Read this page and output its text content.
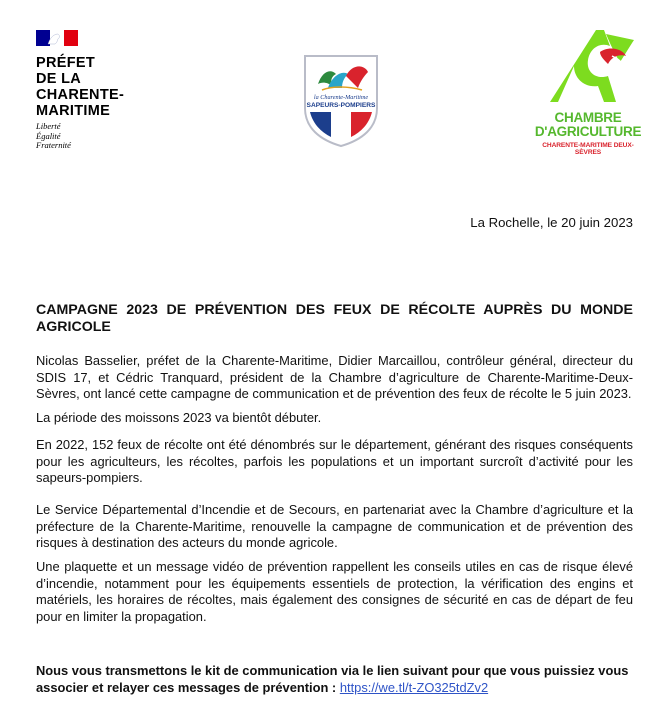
PRÉFET
DE LA
CHARENTE-
MARITIME
Liberté
Égalité
Fraternité
la Charente-Maritime
SAPEURS-POMPIERS
CHAMBRE
D'AGRICULTURE
CHARENTE-MARITIME DEUX-SÈVRES
La Rochelle, le 20 juin 2023
CAMPAGNE 2023 DE PRÉVENTION DES FEUX DE RÉCOLTE AUPRÈS DU MONDE AGRICOLE

Nicolas Basselier, préfet de la Charente-Maritime, Didier Marcaillou, contrôleur général, directeur du SDIS 17, et Cédric Tranquard, président de la Chambre d’agriculture de Charente-Maritime-Deux-Sèvres, ont lancé cette campagne de communication et de prévention des feux de récolte le 5 juin 2023.

La période des moissons 2023 va bientôt débuter.

En 2022, 152 feux de récolte ont été dénombrés sur le département, générant des risques conséquents pour les agriculteurs, les récoltes, parfois les populations et un important surcroît d’activité pour les sapeurs-pompiers.

Le Service Départemental d’Incendie et de Secours, en partenariat avec la Chambre d’agriculture et la préfecture de la Charente-Maritime, renouvelle la campagne de communication et de prévention des risques à destination des acteurs du monde agricole.

Une plaquette et un message vidéo de prévention rappellent les conseils utiles en cas de risque élevé d’incendie, notamment pour les équipements essentiels de protection, la vérification des engins et matériels, les horaires de récoltes, mais également des consignes de sécurité en cas de départ de feu pour en limiter la propagation.

Nous vous transmettons le kit de communication via le lien suivant pour que vous puissiez vous associer et relayer ces messages de prévention : https://we.tl/t-ZO325tdZv2
